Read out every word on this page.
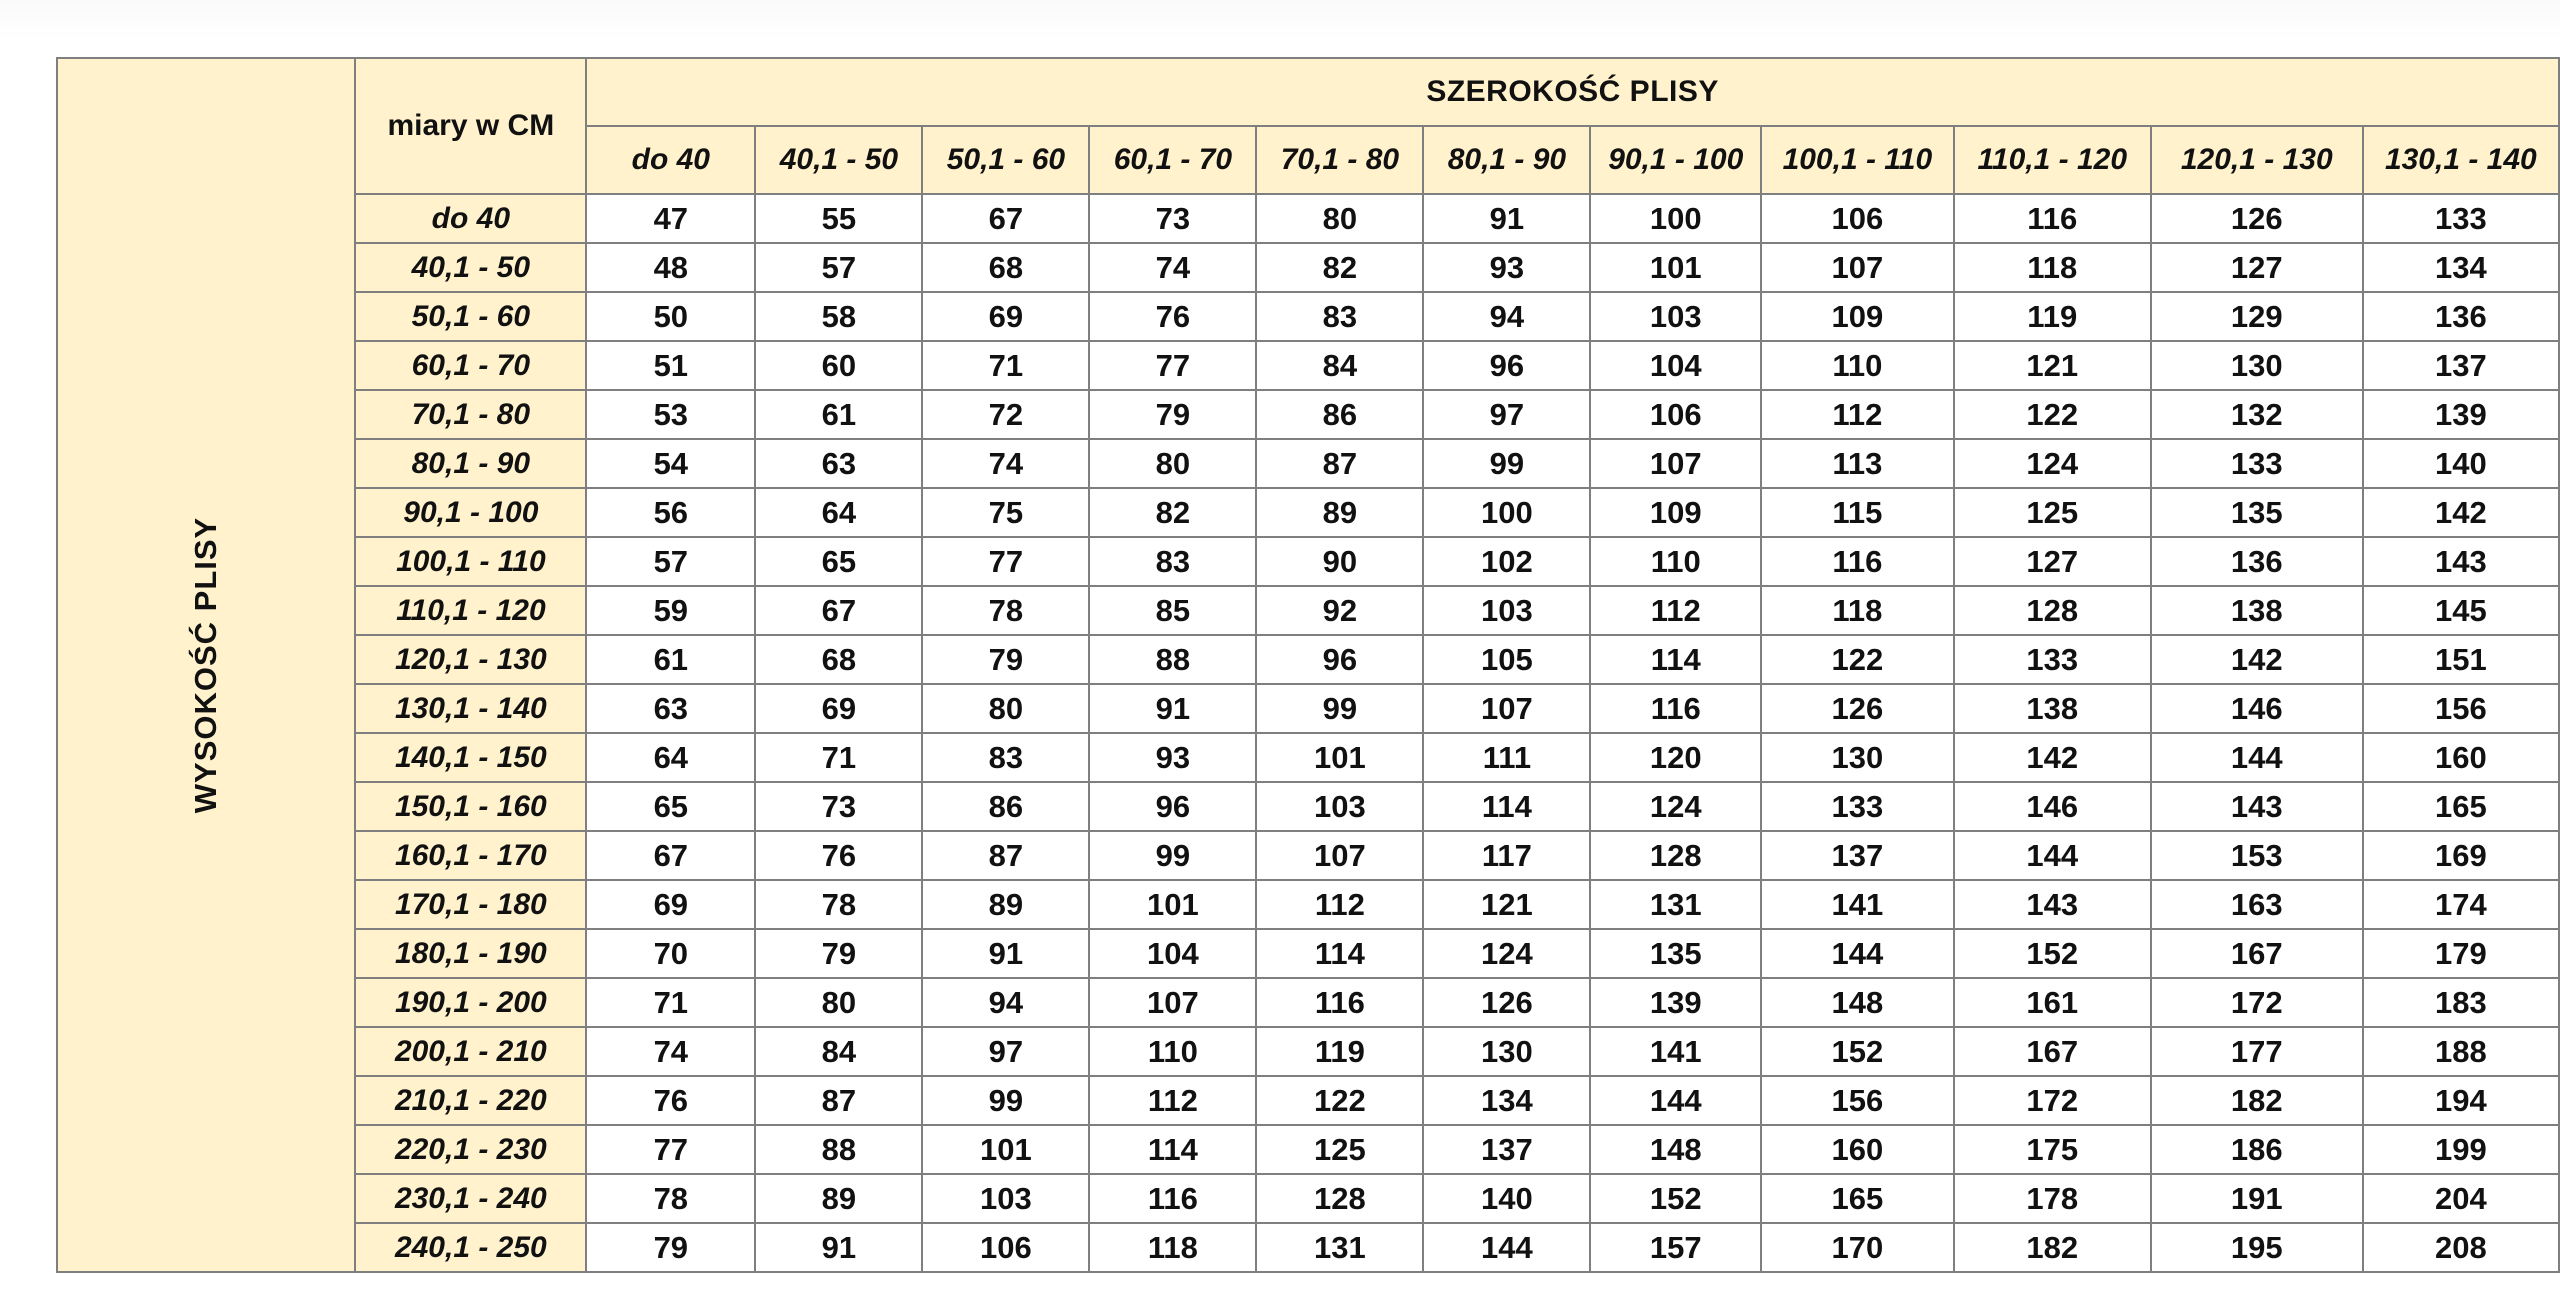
WYSOKOŚĆ PLISY	miary w CM	SZEROKOŚĆ PLISY										
		do 40	40,1 - 50	50,1 - 60	60,1 - 70	70,1 - 80	80,1 - 90	90,1 - 100	100,1 - 110	110,1 - 120	120,1 - 130	130,1 - 140
	do 40	47	55	67	73	80	91	100	106	116	126	133
	40,1 - 50	48	57	68	74	82	93	101	107	118	127	134
	50,1 - 60	50	58	69	76	83	94	103	109	119	129	136
	60,1 - 70	51	60	71	77	84	96	104	110	121	130	137
	70,1 - 80	53	61	72	79	86	97	106	112	122	132	139
	80,1 - 90	54	63	74	80	87	99	107	113	124	133	140
	90,1 - 100	56	64	75	82	89	100	109	115	125	135	142
	100,1 - 110	57	65	77	83	90	102	110	116	127	136	143
	110,1 - 120	59	67	78	85	92	103	112	118	128	138	145
	120,1 - 130	61	68	79	88	96	105	114	122	133	142	151
	130,1 - 140	63	69	80	91	99	107	116	126	138	146	156
	140,1 - 150	64	71	83	93	101	111	120	130	142	144	160
	150,1 - 160	65	73	86	96	103	114	124	133	146	143	165
	160,1 - 170	67	76	87	99	107	117	128	137	144	153	169
	170,1 - 180	69	78	89	101	112	121	131	141	143	163	174
	180,1 - 190	70	79	91	104	114	124	135	144	152	167	179
	190,1 - 200	71	80	94	107	116	126	139	148	161	172	183
	200,1 - 210	74	84	97	110	119	130	141	152	167	177	188
	210,1 - 220	76	87	99	112	122	134	144	156	172	182	194
	220,1 - 230	77	88	101	114	125	137	148	160	175	186	199
	230,1 - 240	78	89	103	116	128	140	152	165	178	191	204
	240,1 - 250	79	91	106	118	131	144	157	170	182	195	208
